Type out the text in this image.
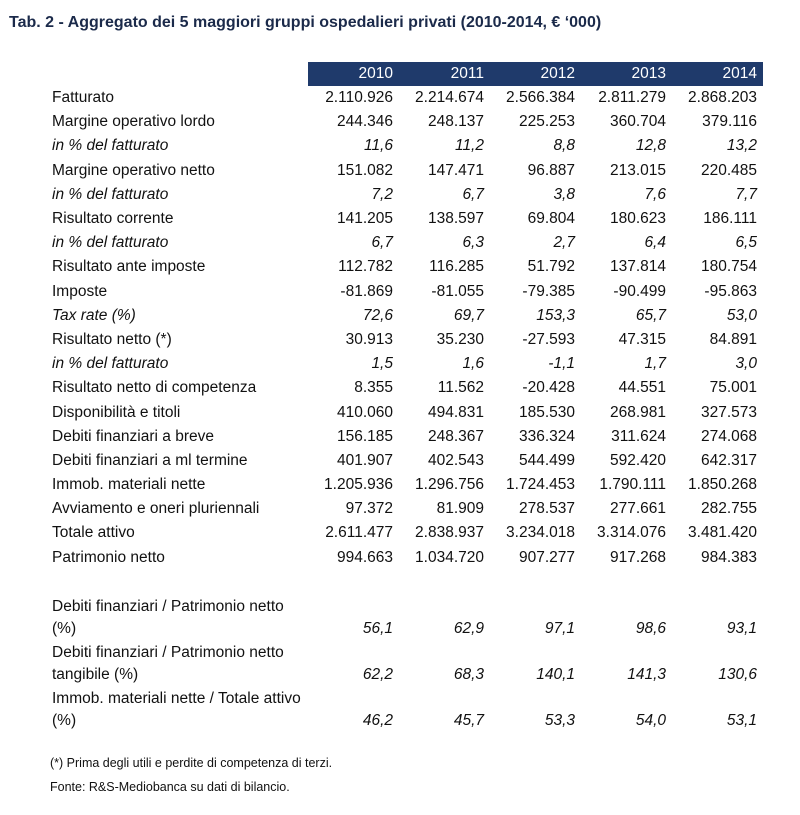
Tab. 2 - Aggregato dei 5 maggiori gruppi ospedalieri privati (2010-2014, € ‘000)
	2010	2011	2012	2013	2014
Fatturato	2.110.926	2.214.674	2.566.384	2.811.279	2.868.203
Margine operativo lordo	244.346	248.137	225.253	360.704	379.116
in % del fatturato	11,6	11,2	8,8	12,8	13,2
Margine operativo netto	151.082	147.471	96.887	213.015	220.485
in % del fatturato	7,2	6,7	3,8	7,6	7,7
Risultato corrente	141.205	138.597	69.804	180.623	186.111
in % del fatturato	6,7	6,3	2,7	6,4	6,5
Risultato ante imposte	112.782	116.285	51.792	137.814	180.754
Imposte	-81.869	-81.055	-79.385	-90.499	-95.863
Tax rate (%)	72,6	69,7	153,3	65,7	53,0
Risultato netto (*)	30.913	35.230	-27.593	47.315	84.891
in % del fatturato	1,5	1,6	-1,1	1,7	3,0
Risultato netto di competenza	8.355	11.562	-20.428	44.551	75.001
Disponibilità e titoli	410.060	494.831	185.530	268.981	327.573
Debiti finanziari a breve	156.185	248.367	336.324	311.624	274.068
Debiti finanziari a ml termine	401.907	402.543	544.499	592.420	642.317
Immob. materiali nette	1.205.936	1.296.756	1.724.453	1.790.111	1.850.268
Avviamento e oneri pluriennali	97.372	81.909	278.537	277.661	282.755
Totale attivo	2.611.477	2.838.937	3.234.018	3.314.076	3.481.420
Patrimonio netto	994.663	1.034.720	907.277	917.268	984.383

Debiti finanziari / Patrimonio netto (%)	56,1	62,9	97,1	98,6	93,1
Debiti finanziari / Patrimonio netto tangibile (%)	62,2	68,3	140,1	141,3	130,6
Immob. materiali nette / Totale attivo (%)	46,2	45,7	53,3	54,0	53,1
(*) Prima degli utili e perdite di competenza di terzi.
Fonte: R&S-Mediobanca su dati di bilancio.
